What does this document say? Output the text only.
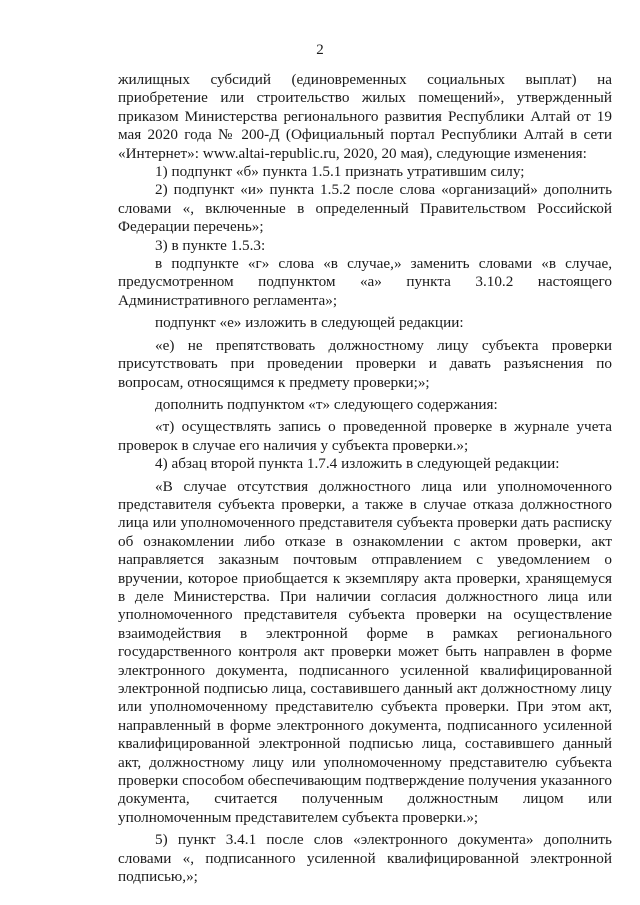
2

жилищных субсидий (единовременных социальных выплат) на приобретение или строительство жилых помещений», утвержденный приказом Министерства регионального развития Республики Алтай от 19 мая 2020 года № 200-Д (Официальный портал Республики Алтай в сети «Интернет»: www.altai-republic.ru, 2020, 20 мая), следующие изменения:

1) подпункт «б» пункта 1.5.1 признать утратившим силу;

2) подпункт «и» пункта 1.5.2 после слова «организаций» дополнить словами «, включенные в определенный Правительством Российской Федерации перечень»;

3) в пункте 1.5.3:

в подпункте «г» слова «в случае,» заменить словами «в случае, предусмотренном подпунктом «а» пункта 3.10.2 настоящего Административного регламента»;

подпункт «е» изложить в следующей редакции:

«е) не препятствовать должностному лицу субъекта проверки присутствовать при проведении проверки и давать разъяснения по вопросам, относящимся к предмету проверки;»;

дополнить подпунктом «т» следующего содержания:

«т) осуществлять запись о проведенной проверке в журнале учета проверок в случае его наличия у субъекта проверки.»;

4) абзац второй пункта 1.7.4 изложить в следующей редакции:

«В случае отсутствия должностного лица или уполномоченного представителя субъекта проверки, а также в случае отказа должностного лица или уполномоченного представителя субъекта проверки дать расписку об ознакомлении либо отказе в ознакомлении с актом проверки, акт направляется заказным почтовым отправлением с уведомлением о вручении, которое приобщается к экземпляру акта проверки, хранящемуся в деле Министерства. При наличии согласия должностного лица или уполномоченного представителя субъекта проверки на осуществление взаимодействия в электронной форме в рамках регионального государственного контроля акт проверки может быть направлен в форме электронного документа, подписанного усиленной квалифицированной электронной подписью лица, составившего данный акт должностному лицу или уполномоченному представителю субъекта проверки. При этом акт, направленный в форме электронного документа, подписанного усиленной квалифицированной электронной подписью лица, составившего данный акт, должностному лицу или уполномоченному представителю субъекта проверки способом обеспечивающим подтверждение получения указанного документа, считается полученным должностным лицом или уполномоченным представителем субъекта проверки.»;

5) пункт 3.4.1 после слов «электронного документа» дополнить словами «, подписанного усиленной квалифицированной электронной подписью,»;
